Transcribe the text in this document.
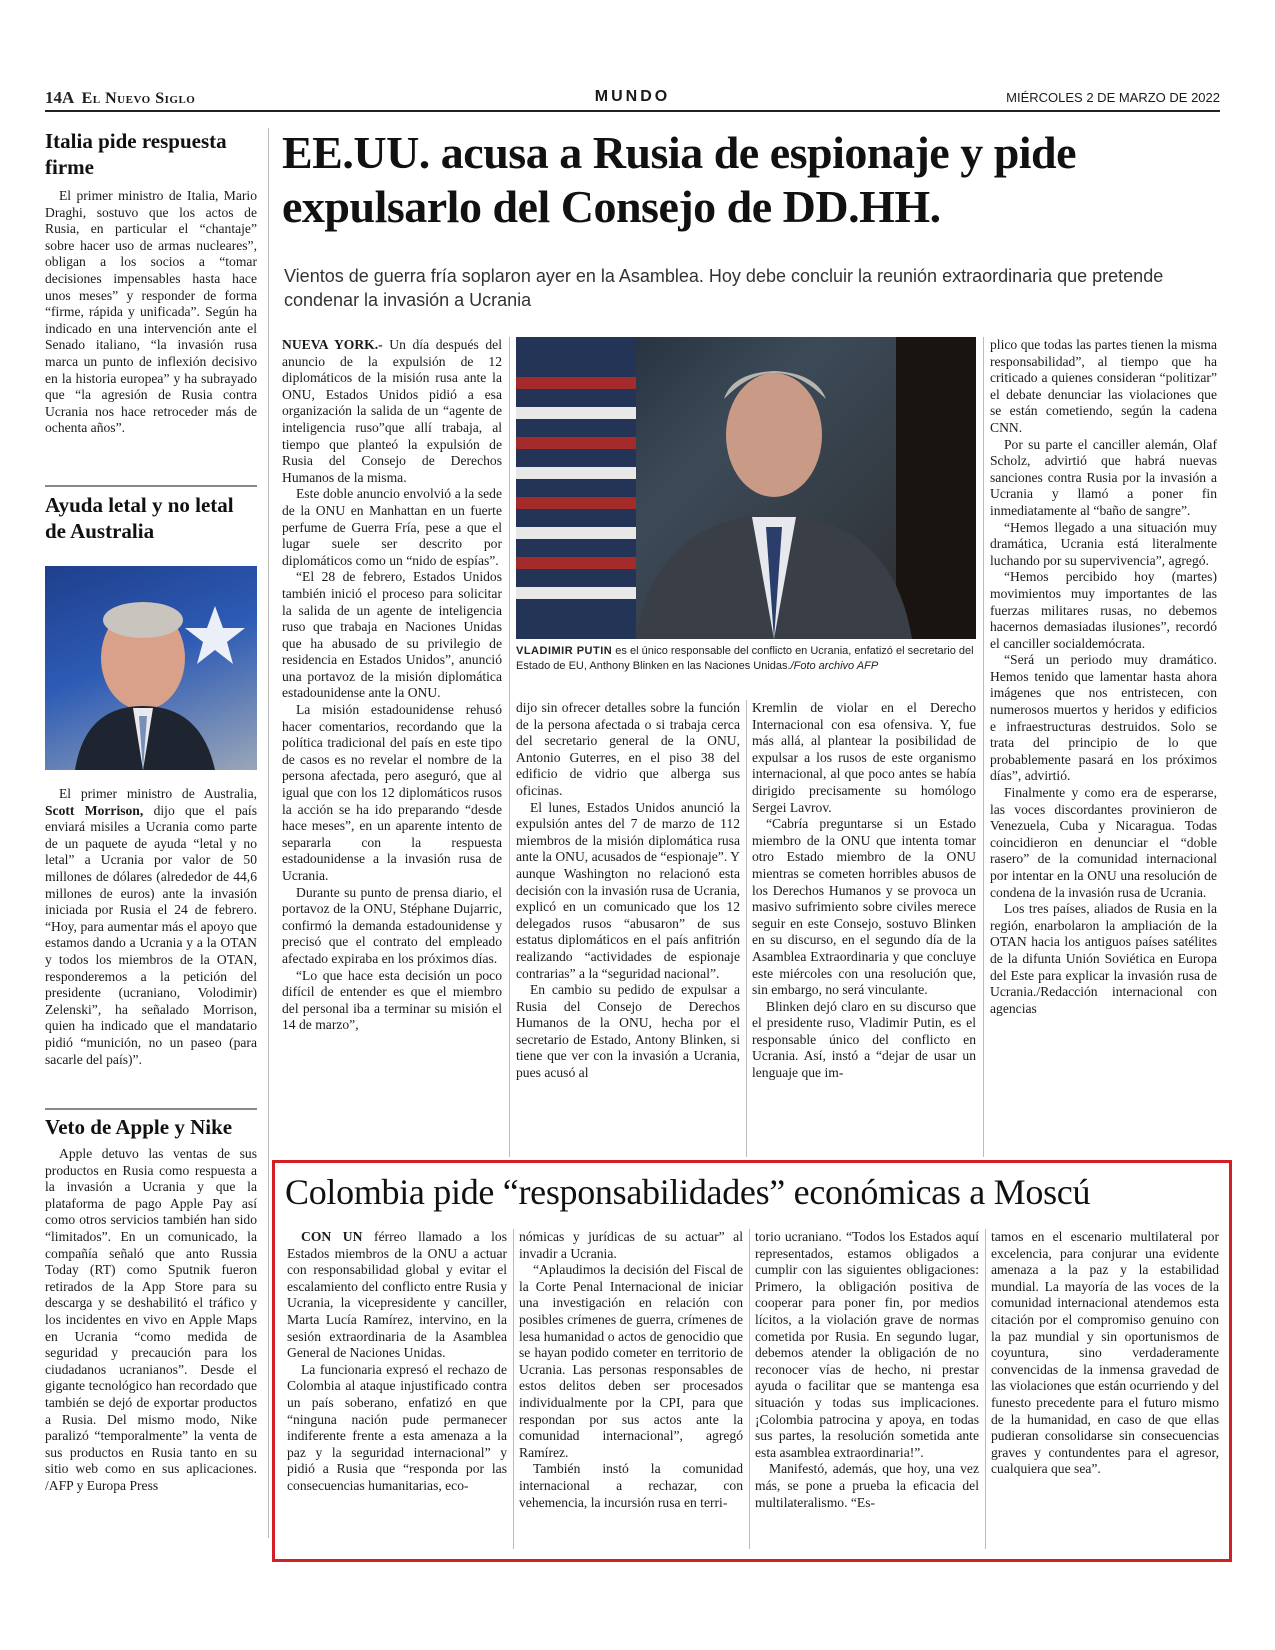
14A El Nuevo Siglo	MUNDO	MIÉRCOLES 2 DE MARZO DE 2022
Italia pide respuesta firme

El primer ministro de Italia, Mario Draghi, sostuvo que los actos de Rusia, en particular el “chantaje” sobre hacer uso de armas nucleares”, obligan a los socios a “tomar decisiones impensables hasta hace unos meses” y responder de forma “firme, rápida y unificada”. Según ha indicado en una intervención ante el Senado italiano, “la invasión rusa marca un punto de inflexión decisivo en la historia europea” y ha subrayado que “la agresión de Rusia contra Ucrania nos hace retroceder más de ochenta años”.

Ayuda letal y no letal de Australia

El primer ministro de Australia, Scott Morrison, dijo que el país enviará misiles a Ucrania como parte de un paquete de ayuda “letal y no letal” a Ucrania por valor de 50 millones de dólares (alrededor de 44,6 millones de euros) ante la invasión iniciada por Rusia el 24 de febrero. “Hoy, para aumentar más el apoyo que estamos dando a Ucrania y a la OTAN y todos los miembros de la OTAN, responderemos a la petición del presidente (ucraniano, Volodimir) Zelenski”, ha señalado Morrison, quien ha indicado que el mandatario pidió “munición, no un paseo (para sacarle del país)”.

Veto de Apple y Nike

Apple detuvo las ventas de sus productos en Rusia como respuesta a la invasión a Ucrania y que la plataforma de pago Apple Pay así como otros servicios también han sido “limitados”. En un comunicado, la compañía señaló que anto Russia Today (RT) como Sputnik fueron retirados de la App Store para su descarga y se deshabilitó el tráfico y los incidentes en vivo en Apple Maps en Ucrania “como medida de seguridad y precaución para los ciudadanos ucranianos”. Desde el gigante tecnológico han recordado que también se dejó de exportar productos a Rusia. Del mismo modo, Nike paralizó “temporalmente” la venta de sus productos en Rusia tanto en su sitio web como en sus aplicaciones. /AFP y Europa Press

EE.UU. acusa a Rusia de espionaje y pide expulsarlo del Consejo de DD.HH.
Vientos de guerra fría soplaron ayer en la Asamblea. Hoy debe concluir la reunión extraordinaria que pretende condenar la invasión a Ucrania
VLADIMIR PUTIN es el único responsable del conflicto en Ucrania, enfatizó el secretario del Estado de EU, Anthony Blinken en las Naciones Unidas./Foto archivo AFP

NUEVA YORK.- Un día después del anuncio de la expulsión de 12 diplomáticos de la misión rusa ante la ONU, Estados Unidos pidió a esa organización la salida de un “agente de inteligencia ruso”que allí trabaja, al tiempo que planteó la expulsión de Rusia del Consejo de Derechos Humanos de la misma.

Este doble anuncio envolvió a la sede de la ONU en Manhattan en un fuerte perfume de Guerra Fría, pese a que el lugar suele ser descrito por diplomáticos como un “nido de espías”.

“El 28 de febrero, Estados Unidos también inició el proceso para solicitar la salida de un agente de inteligencia ruso que trabaja en Naciones Unidas que ha abusado de su privilegio de residencia en Estados Unidos”, anunció una portavoz de la misión diplomática estadounidense ante la ONU.

La misión estadounidense rehusó hacer comentarios, recordando que la política tradicional del país en este tipo de casos es no revelar el nombre de la persona afectada, pero aseguró, que al igual que con los 12 diplomáticos rusos la acción se ha ido preparando “desde hace meses”, en un aparente intento de separarla con la respuesta estadounidense a la invasión rusa de Ucrania.

Durante su punto de prensa diario, el portavoz de la ONU, Stéphane Dujarric, confirmó la demanda estadounidense y precisó que el contrato del empleado afectado expiraba en los próximos días.

“Lo que hace esta decisión un poco difícil de entender es que el miembro del personal iba a terminar su misión el 14 de marzo”,

dijo sin ofrecer detalles sobre la función de la persona afectada o si trabaja cerca del secretario general de la ONU, Antonio Guterres, en el piso 38 del edificio de vidrio que alberga sus oficinas.

El lunes, Estados Unidos anunció la expulsión antes del 7 de marzo de 112 miembros de la misión diplomática rusa ante la ONU, acusados de “espionaje”. Y aunque Washington no relacionó esta decisión con la invasión rusa de Ucrania, explicó en un comunicado que los 12 delegados rusos “abusaron” de sus estatus diplomáticos en el país anfitrión realizando “actividades de espionaje contrarias” a la “seguridad nacional”.

En cambio su pedido de expulsar a Rusia del Consejo de Derechos Humanos de la ONU, hecha por el secretario de Estado, Antony Blinken, si tiene que ver con la invasión a Ucrania, pues acusó al

Kremlin de violar en el Derecho Internacional con esa ofensiva. Y, fue más allá, al plantear la posibilidad de expulsar a los rusos de este organismo internacional, al que poco antes se había dirigido precisamente su homólogo Sergei Lavrov.

“Cabría preguntarse si un Estado miembro de la ONU que intenta tomar otro Estado miembro de la ONU mientras se cometen horribles abusos de los Derechos Humanos y se provoca un masivo sufrimiento sobre civiles merece seguir en este Consejo, sostuvo Blinken en su discurso, en el segundo día de la Asamblea Extraordinaria y que concluye este miércoles con una resolución que, sin embargo, no será vinculante.

Blinken dejó claro en su discurso que el presidente ruso, Vladimir Putin, es el responsable único del conflicto en Ucrania. Así, instó a “dejar de usar un lenguaje que im-

plico que todas las partes tienen la misma responsabilidad”, al tiempo que ha criticado a quienes consideran “politizar” el debate denunciar las violaciones que se están cometiendo, según la cadena CNN.

Por su parte el canciller alemán, Olaf Scholz, advirtió que habrá nuevas sanciones contra Rusia por la invasión a Ucrania y llamó a poner fin inmediatamente al “baño de sangre”.

“Hemos llegado a una situación muy dramática, Ucrania está literalmente luchando por su supervivencia”, agregó.

“Hemos percibido hoy (martes) movimientos muy importantes de las fuerzas militares rusas, no debemos hacernos demasiadas ilusiones”, recordó el canciller socialdemócrata.

“Será un periodo muy dramático. Hemos tenido que lamentar hasta ahora imágenes que nos entristecen, con numerosos muertos y heridos y edificios e infraestructuras destruidos. Solo se trata del principio de lo que probablemente pasará en los próximos días”, advirtió.

Finalmente y como era de esperarse, las voces discordantes provinieron de Venezuela, Cuba y Nicaragua. Todas coincidieron en denunciar el “doble rasero” de la comunidad internacional por intentar en la ONU una resolución de condena de la invasión rusa de Ucrania.

Los tres países, aliados de Rusia en la región, enarbolaron la ampliación de la OTAN hacia los antiguos países satélites de la difunta Unión Soviética en Europa del Este para explicar la invasión rusa de Ucrania./Redacción internacional con agencias

Colombia pide “responsabilidades” económicas a Moscú

CON UN férreo llamado a los Estados miembros de la ONU a actuar con responsabilidad global y evitar el escalamiento del conflicto entre Rusia y Ucrania, la vicepresidente y canciller, Marta Lucía Ramírez, intervino, en la sesión extraordinaria de la Asamblea General de Naciones Unidas.

La funcionaria expresó el rechazo de Colombia al ataque injustificado contra un país soberano, enfatizó en que “ninguna nación pude permanecer indiferente frente a esta amenaza a la paz y la seguridad internacional” y pidió a Rusia que “responda por las consecuencias humanitarias, eco-

nómicas y jurídicas de su actuar” al invadir a Ucrania.

“Aplaudimos la decisión del Fiscal de la Corte Penal Internacional de iniciar una investigación en relación con posibles crímenes de guerra, crímenes de lesa humanidad o actos de genocidio que se hayan podido cometer en territorio de Ucrania. Las personas responsables de estos delitos deben ser procesados individualmente por la CPI, para que respondan por sus actos ante la comunidad internacional”, agregó Ramírez.

También instó la comunidad internacional a rechazar, con vehemencia, la incursión rusa en terri-

torio ucraniano. “Todos los Estados aquí representados, estamos obligados a cumplir con las siguientes obligaciones: Primero, la obligación positiva de cooperar para poner fin, por medios lícitos, a la violación grave de normas cometida por Rusia. En segundo lugar, debemos atender la obligación de no reconocer vías de hecho, ni prestar ayuda o facilitar que se mantenga esa situación y todas sus implicaciones. ¡Colombia patrocina y apoya, en todas sus partes, la resolución sometida ante esta asamblea extraordinaria!”.

Manifestó, además, que hoy, una vez más, se pone a prueba la eficacia del multilateralismo. “Es-

tamos en el escenario multilateral por excelencia, para conjurar una evidente amenaza a la paz y la estabilidad mundial. La mayoría de las voces de la comunidad internacional atendemos esta citación por el compromiso genuino con la paz mundial y sin oportunismos de coyuntura, sino verdaderamente convencidas de la inmensa gravedad de las violaciones que están ocurriendo y del funesto precedente para el futuro mismo de la humanidad, en caso de que ellas pudieran consolidarse sin consecuencias graves y contundentes para el agresor, cualquiera que sea”.
